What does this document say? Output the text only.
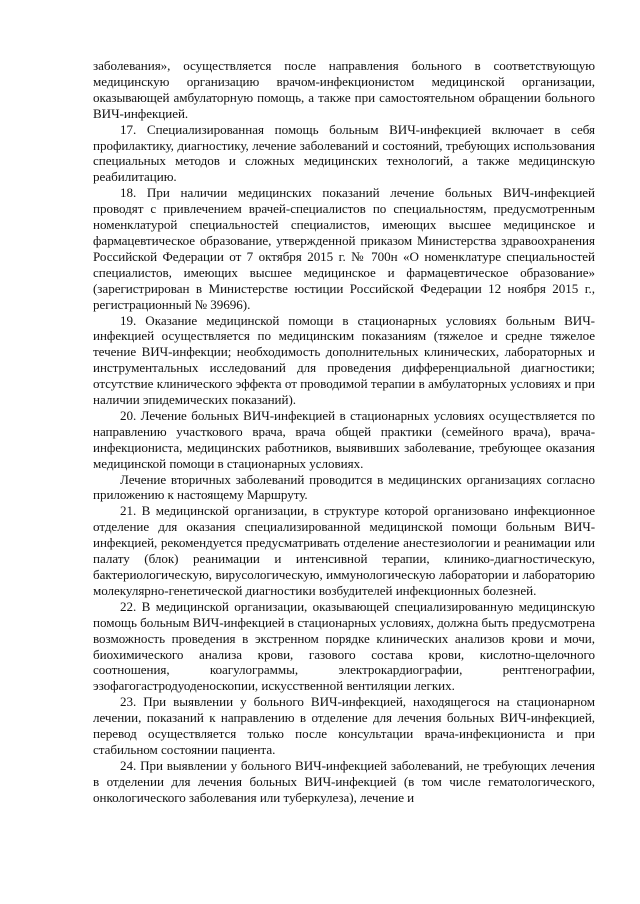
заболевания», осуществляется после направления больного в соответствующую медицинскую организацию врачом-инфекционистом медицинской организации, оказывающей амбулаторную помощь, а также при самостоятельном обращении больного ВИЧ-инфекцией.

17. Специализированная помощь больным ВИЧ-инфекцией включает в себя профилактику, диагностику, лечение заболеваний и состояний, требующих использования специальных методов и сложных медицинских технологий, а также медицинскую реабилитацию.

18. При наличии медицинских показаний лечение больных ВИЧ-инфекцией проводят с привлечением врачей-специалистов по специальностям, предусмотренным номенклатурой специальностей специалистов, имеющих высшее медицинское и фармацевтическое образование, утвержденной приказом Министерства здравоохранения Российской Федерации от 7 октября 2015 г. № 700н «О номенклатуре специальностей специалистов, имеющих высшее медицинское и фармацевтическое образование» (зарегистрирован в Министерстве юстиции Российской Федерации 12 ноября 2015 г., регистрационный № 39696).

19. Оказание медицинской помощи в стационарных условиях больным ВИЧ-инфекцией осуществляется по медицинским показаниям (тяжелое и средне тяжелое течение ВИЧ-инфекции; необходимость дополнительных клинических, лабораторных и инструментальных исследований для проведения дифференциальной диагностики; отсутствие клинического эффекта от проводимой терапии в амбулаторных условиях и при наличии эпидемических показаний).

20. Лечение больных ВИЧ-инфекцией в стационарных условиях осуществляется по направлению участкового врача, врача общей практики (семейного врача), врача-инфекциониста, медицинских работников, выявивших заболевание, требующее оказания медицинской помощи в стационарных условиях.

Лечение вторичных заболеваний проводится в медицинских организациях согласно приложению к настоящему Маршруту.

21. В медицинской организации, в структуре которой организовано инфекционное отделение для оказания специализированной медицинской помощи больным ВИЧ-инфекцией, рекомендуется предусматривать отделение анестезиологии и реанимации или палату (блок) реанимации и интенсивной терапии, клинико-диагностическую, бактериологическую, вирусологическую, иммунологическую лаборатории и лабораторию молекулярно-генетической диагностики возбудителей инфекционных болезней.

22. В медицинской организации, оказывающей специализированную медицинскую помощь больным ВИЧ-инфекцией в стационарных условиях, должна быть предусмотрена возможность проведения в экстренном порядке клинических анализов крови и мочи, биохимического анализа крови, газового состава крови, кислотно-щелочного соотношения, коагулограммы, электрокардиографии, рентгенографии, эзофагогастродуоденоскопии, искусственной вентиляции легких.

23. При выявлении у больного ВИЧ-инфекцией, находящегося на стационарном лечении, показаний к направлению в отделение для лечения больных ВИЧ-инфекцией, перевод осуществляется только после консультации врача-инфекциониста и при стабильном состоянии пациента.

24. При выявлении у больного ВИЧ-инфекцией заболеваний, не требующих лечения в отделении для лечения больных ВИЧ-инфекцией (в том числе гематологического, онкологического заболевания или туберкулеза), лечение и
